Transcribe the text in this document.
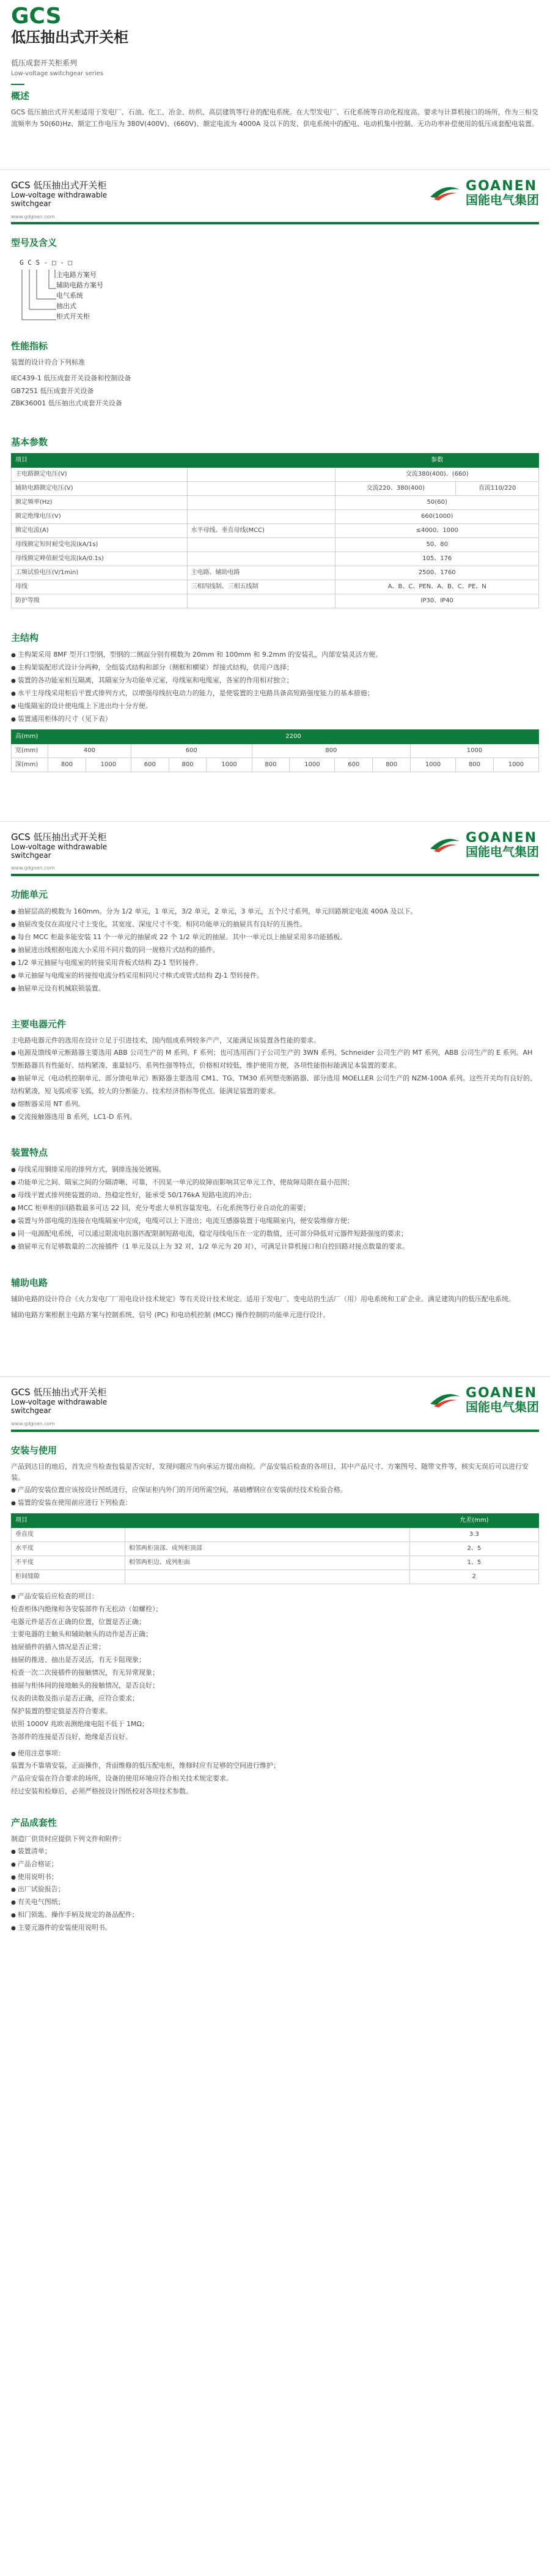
GCS
低压抽出式开关柜
低压成套开关柜系列
Low-voltage switchgear series
概述
GCS 低压抽出式开关柜适用于发电厂、石油、化工、冶金、纺织、高层建筑等行业的配电系统。在大型发电厂、石化系统等自动化程度高、要求与计算机接口的场所，作为三相交流频率为 50(60)Hz、额定工作电压为 380V(400V)、(660V)、额定电流为 4000A 及以下的发、供电系统中的配电、电动机集中控制、无功功率补偿使用的低压成套配电装置。
GCS 低压抽出式开关柜
Low-voltage withdrawable
switchgear
GOANEN
国能电气集团
www.gdgnen.com
型号及含义
G C S - □ - □
主电路方案号
辅助电路方案号
电气系统
抽出式
柜式开关柜
性能指标
装置的设计符合下列标准
IEC439-1 低压成套开关设备和控制设备
GB7251 低压成套开关设备
ZBK36001 低压抽出式成套开关设备
基本参数
项目		参数	
主电路额定电压(V)		交流380(400)、(660)	
辅助电路额定电压(V)		交流220、380(400)	直流110/220
额定频率(Hz)		50(60)	
额定绝缘电压(V)		660(1000)	
额定电流(A)	水平母线、垂直母线(MCC)	≤4000、1000	
母线额定短时耐受电流(kA/1s)		50、80	
母线额定峰值耐受电流(kA/0.1s)		105、176	
工频试验电压(V/1min)	主电路、辅助电路	2500、1760	
母线	三相四线制、三相五线制	A、B、C、PEN、A、B、C、PE、N	
防护等级		IP30、IP40	
主结构
● 主构架采用 8MF 型开口型钢，型钢的二侧面分别有模数为 20mm 和 100mm 和 9.2mm 的安装孔，内部安装灵活方便。
● 主构架装配形式设计分两种，全组装式结构和部分（侧框和横梁）焊接式结构，供用户选择；
● 装置的各功能室相互隔离，其隔室分为功能单元室，母线室和电缆室，各室的作用相对独立；
● 水平主母线采用柜后平置式排列方式，以增强母线抗电动力的能力，是使装置的主电路具备高短路强度能力的基本措施；
● 电缆隔室的设计使电缆上下进出均十分方便。
● 装置通用柜体的尺寸（见下表）
高(mm)	2200											
宽(mm)	400		600			800				1000		
深(mm)	800	1000	600	800	1000	800	1000	600	800	1000	800	1000
GCS 低压抽出式开关柜
Low-voltage withdrawable
switchgear
GOANEN
国能电气集团
www.gdgnen.com
功能单元
● 抽屉层高的模数为 160mm。分为 1/2 单元，1 单元，3/2 单元，2 单元，3 单元，五个尺寸系列，单元回路额定电流 400A 及以下。
● 抽屉改变仅在高度尺寸上变化，其宽度、深度尺寸不变。相同功能单元的抽屉具有良好的互换性。
● 每台 MCC 柜最多能安装 11 个一单元的抽屉或 22 个 1/2 单元的抽屉。其中一单元以上抽屉采用多功能插板。
● 抽屉进出线根据电流大小采用不同片数的同一规格片式结构的插件。
● 1/2 单元抽屉与电缆室的转接采用背板式结构 ZJ-1 型转接件。
● 单元抽屉与电缆室的转接按电流分档采用相同尺寸棒式或管式结构 ZJ-1 型转接件。
● 抽屉单元设有机械联锁装置。
主要电器元件
主电路电器元件的选用在设计立足于引进技术，国内组成系列较多产产，又能满足该装置各性能的要求。
● 电源及馈线单元断路器主要选用 ABB 公司生产的 M 系列、F 系列；也可选用西门子公司生产的 3WN 系列、Schneider 公司生产的 MT 系列，ABB 公司生产的 E 系列。AH 型断路器具有性能好、结构紧凑、重量轻巧、系列性强等特点，价格相对较低，维护使用方便，各项性能指标能满足本装置的要求。
● 抽屉单元（电动机控制单元、部分馈电单元）断路器主要选用 CM1、TG、TM30 系列塑壳断路器、部分选用 MOELLER 公司生产的 NZM-100A 系列。这些开关均有良好的、结构紧凑，短飞弧或零飞弧，较大的分断能力、技术经济指标等优点。能满足装置的要求。
● 熔断器采用 NT 系列。
● 交流接触器选用 B 系列，LC1-D 系列。
装置特点
● 母线采用铜排采用的排列方式，铜排连接处镀锡。
● 功能单元之间、隔室之间的分隔清晰、可靠，不因某一单元的故障而影响其它单元工作，使故障局限在最小范围；
● 母线平置式排列使装置的动、热稳定性好，能承受 50/176kA 短路电流的冲击；
● MCC 柜单柜的回路数最多可达 22 回，充分考虑大单机容量发电、石化系统等行业自动化的需要；
● 装置与外部电缆的连接在电缆隔室中完成，电缆可以上下进出；电流互感器装置于电缆隔室内，便安装维修方便；
● 同一电源配电系统，可以通过限流电抗器匹配限制短路电流，稳定母线电压在一定的数值，还可部分降低对元器件短路强度的要求；
● 抽屉单元有足够数量的二次接插件（1 单元及以上为 32 对，1/2 单元为 20 对），可满足计算机接口和自控回路对接点数量的要求。
辅助电路
辅助电路的设计符合《火力发电厂厂用电设计技术规定》等有关设计技术规定。适用于发电厂、变电站的生活厂（用）用电系统和工矿企业。满足建筑内的低压配电系统。
辅助电路方案根据主电路方案与控制系统、信号 (PC) 和电动机控制 (MCC) 操作控制的功能单元进行设计。
GCS 低压抽出式开关柜
Low-voltage withdrawable
switchgear
GOANEN
国能电气集团
www.gdgnen.com
安装与使用
产品到达目的地后，首先应当检查包装是否完好，发现问题应当向承运方提出商检。产品安装后检查的各项目，其中产品尺寸、方案图号、随带文件等，核实无误后可以进行安装。
● 产品的安装位置应该按设计图纸进行，应保证柜内外门的开闭所需空间，基础槽钢应在安装前经技术检验合格。
● 装置的安装在使用前应进行下列检查：
项目		允差(mm)
垂直度		3.3
水平度	相邻两柜顶部、成列柜顶部	2、5
不平度	相邻两柜边、成列柜面	1、5
柜间缝隙		2
● 产品安装后应检查的项目：
检查柜体内绝缘和各安装部件有无松动（如螺栓）；
电器元件是否在正确的位置，位置是否正确；
主要电器的主触头和辅助触头的动作是否正确；
抽屉插件的插入情况是否正常；
抽屉的推进、抽出是否灵活，有无卡阻现象；
检查一次二次接插件的接触情况，有无异常现象；
抽屉与柜体间的接地触头的接触情况，是否良好；
仪表的读数及指示是否正确，应符合要求；
保护装置的整定值是否符合要求。
依照 1000V 兆欧表测绝缘电阻不低于 1MΩ；
各部件的连接是否良好，绝缘是否良好。
● 使用注意事项：
装置为不靠墙安装，正面操作，背面维修的低压配电柜，维修时应有足够的空间进行维护；
产品应安装在符合要求的场所，设备的使用环境应符合相关技术规定要求。
经过安装和检修后，必须严格按设计图纸校对各项技术参数。
产品成套性
制造厂供货时应提供下列文件和附件：
● 装置清单；
● 产品合格证；
● 使用说明书；
● 出厂试验报告；
● 有关电气图纸；
● 相门锁匙、操作手柄及规定的备品配件；
● 主要元器件的安装使用说明书。
